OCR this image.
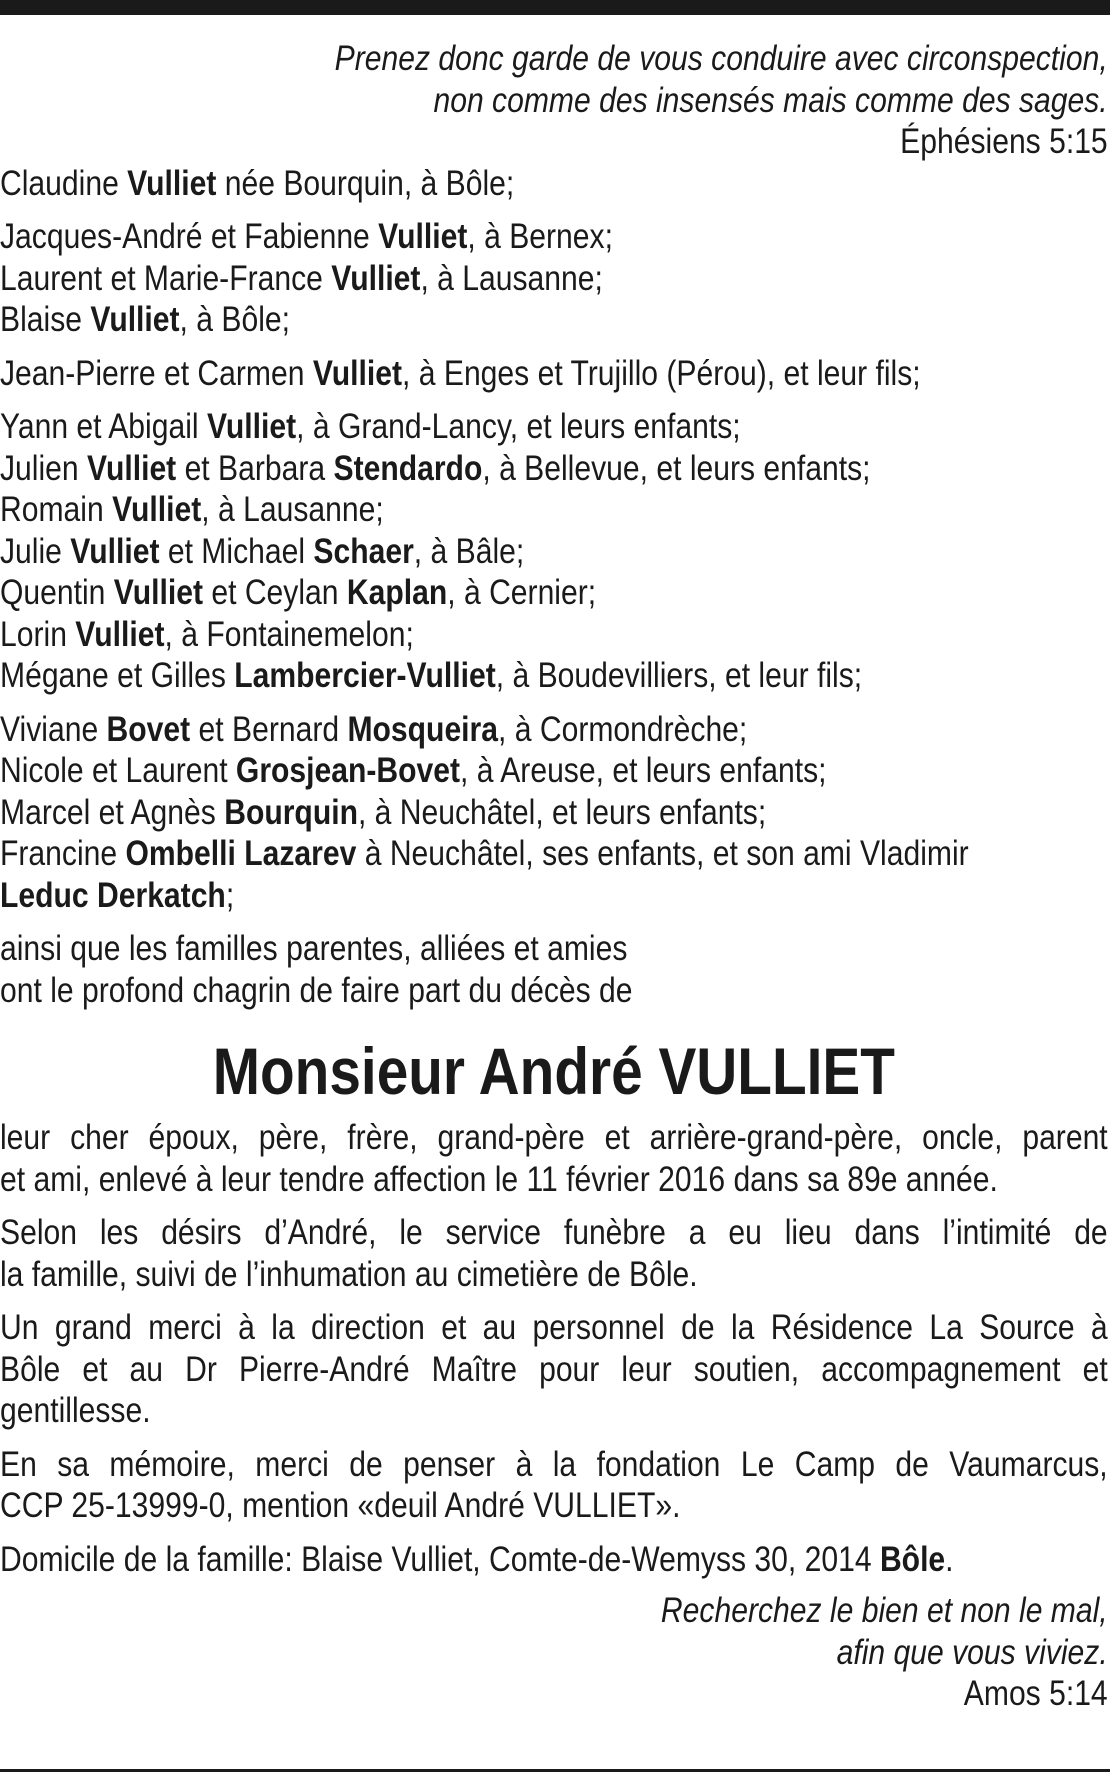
Prenez donc garde de vous conduire avec circonspection,
non comme des insensés mais comme des sages.
Éphésiens 5:15
Claudine Vulliet née Bourquin, à Bôle;
Jacques-André et Fabienne Vulliet, à Bernex;
Laurent et Marie-France Vulliet, à Lausanne;
Blaise Vulliet, à Bôle;
Jean-Pierre et Carmen Vulliet, à Enges et Trujillo (Pérou), et leur fils;
Yann et Abigail Vulliet, à Grand-Lancy, et leurs enfants;
Julien Vulliet et Barbara Stendardo, à Bellevue, et leurs enfants;
Romain Vulliet, à Lausanne;
Julie Vulliet et Michael Schaer, à Bâle;
Quentin Vulliet et Ceylan Kaplan, à Cernier;
Lorin Vulliet, à Fontainemelon;
Mégane et Gilles Lambercier-Vulliet, à Boudevilliers, et leur fils;
Viviane Bovet et Bernard Mosqueira, à Cormondrèche;
Nicole et Laurent Grosjean-Bovet, à Areuse, et leurs enfants;
Marcel et Agnès Bourquin, à Neuchâtel, et leurs enfants;
Francine Ombelli Lazarev à Neuchâtel, ses enfants, et son ami Vladimir
Leduc Derkatch;
ainsi que les familles parentes, alliées et amies
ont le profond chagrin de faire part du décès de
Monsieur André VULLIET
leur cher époux, père, frère, grand-père et arrière-grand-père, oncle, parent
et ami, enlevé à leur tendre affection le 11 février 2016 dans sa 89e année.
Selon les désirs d’André, le service funèbre a eu lieu dans l’intimité de
la famille, suivi de l’inhumation au cimetière de Bôle.
Un grand merci à la direction et au personnel de la Résidence La Source à
Bôle et au Dr Pierre-André Maître pour leur soutien, accompagnement et
gentillesse.
En sa mémoire, merci de penser à la fondation Le Camp de Vaumarcus,
CCP 25-13999-0, mention «deuil André VULLIET».
Domicile de la famille: Blaise Vulliet, Comte-de-Wemyss 30, 2014 Bôle.
Recherchez le bien et non le mal,
afin que vous viviez.
Amos 5:14
